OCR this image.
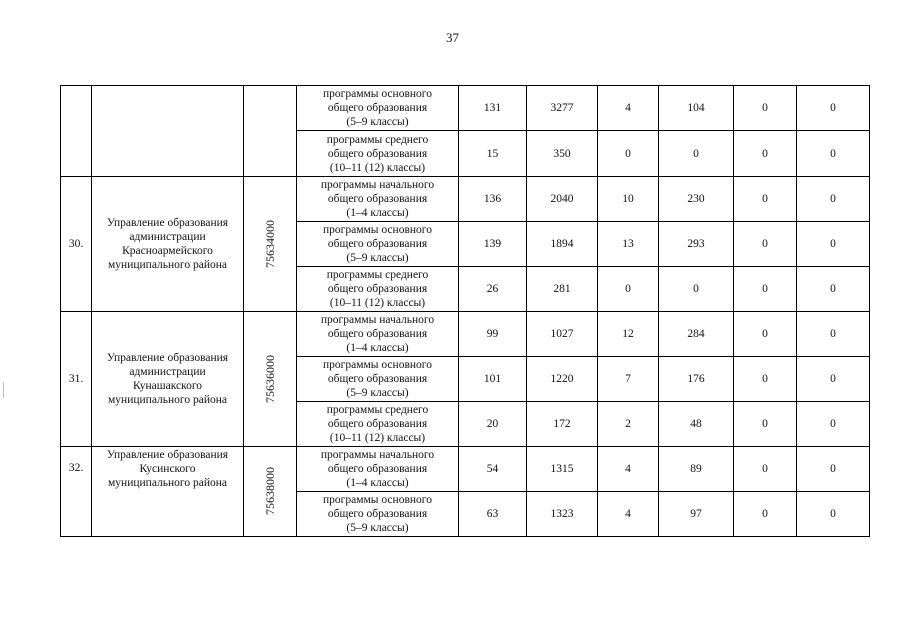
37
			программы основного
общего образования
(5–9 классы)	131	3277	4	104	0	0
			программы среднего
общего образования
(10–11 (12) классы)	15	350	0	0	0	0
30.	Управление образования
администрации
Красноармейского
муниципального района	75634000	программы начального
общего образования
(1–4 классы)	136	2040	10	230	0	0
			программы основного
общего образования
(5–9 классы)	139	1894	13	293	0	0
			программы среднего
общего образования
(10–11 (12) классы)	26	281	0	0	0	0
31.	Управление образования
администрации
Кунашакского
муниципального района	75636000	программы начального
общего образования
(1–4 классы)	99	1027	12	284	0	0
			программы основного
общего образования
(5–9 классы)	101	1220	7	176	0	0
			программы среднего
общего образования
(10–11 (12) классы)	20	172	2	48	0	0
32.	Управление образования
Кусинского
муниципального района	75638000	программы начального
общего образования
(1–4 классы)	54	1315	4	89	0	0
			программы основного
общего образования
(5–9 классы)	63	1323	4	97	0	0
